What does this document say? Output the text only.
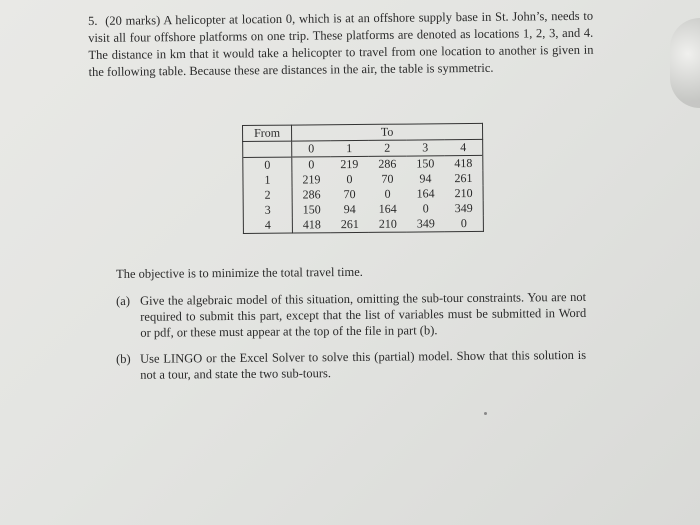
5. (20 marks) A helicopter at location 0, which is at an offshore supply base in St. John’s, needs to visit all four offshore platforms on one trip. These platforms are denoted as locations 1, 2, 3, and 4. The distance in km that it would take a helicopter to travel from one location to another is given in the following table. Because these are distances in the air, the table is symmetric.
From	To				
	0	1	2	3	4
0	0	219	286	150	418
1	219	0	70	94	261
2	286	70	0	164	210
3	150	94	164	0	349
4	418	261	210	349	0
The objective is to minimize the total travel time.
(a) Give the algebraic model of this situation, omitting the sub-tour constraints. You are not required to submit this part, except that the list of variables must be submitted in Word or pdf, or these must appear at the top of the file in part (b).
(b) Use LINGO or the Excel Solver to solve this (partial) model. Show that this solution is not a tour, and state the two sub-tours.
